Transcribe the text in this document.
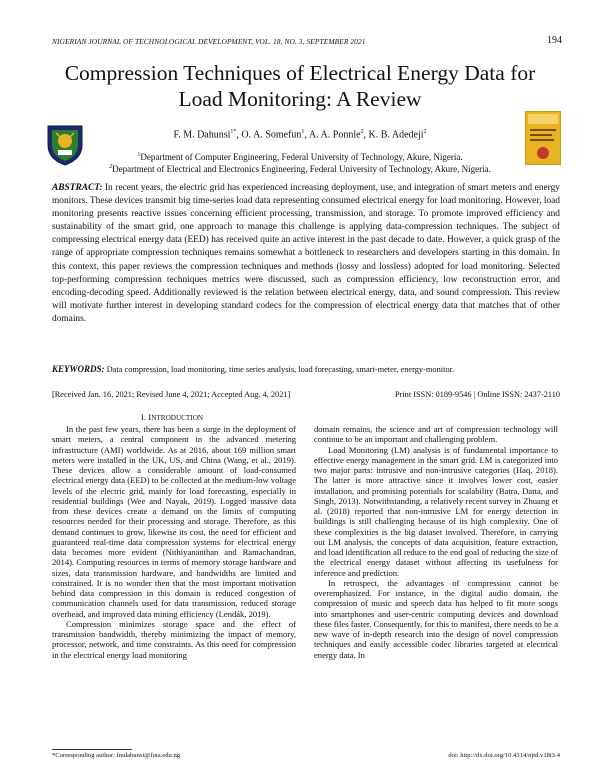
NIGERIAN JOURNAL OF TECHNOLOGICAL DEVELOPMENT, VOL. 18, NO. 3, SEPTEMBER 2021	194
Compression Techniques of Electrical Energy Data for
Load Monitoring: A Review
F. M. Dahunsi$^{1*}$, O. A. Somefun$^1$, A. A. Ponnle$^2$, K. B. Adedeji$^2$
$^1$Department of Computer Engineering, Federal University of Technology, Akure, Nigeria.
$^2$Department of Electrical and Electronics Engineering, Federal University of Technology, Akure, Nigeria.
ABSTRACT: In recent years, the electric grid has experienced increasing deployment, use, and integration of smart meters and energy monitors. These devices transmit big time-series load data representing consumed electrical energy for load monitoring. However, load monitoring presents reactive issues concerning efficient processing, transmission, and storage. To promote improved efficiency and sustainability of the smart grid, one approach to manage this challenge is applying data-compression techniques. The subject of compressing electrical energy data (EED) has received quite an active interest in the past decade to date. However, a quick grasp of the range of appropriate compression techniques remains somewhat a bottleneck to researchers and developers starting in this domain. In this context, this paper reviews the compression techniques and methods (lossy and lossless) adopted for load monitoring. Selected top-performing compression techniques metrics were discussed, such as compression efficiency, low reconstruction error, and encoding-decoding speed. Additionally reviewed is the relation between electrical energy, data, and sound compression. This review will motivate further interest in developing standard codecs for the compression of electrical energy data that matches that of other domains.
KEYWORDS: Data compression, load monitoring, time series analysis, load forecasting, smart-meter, energy-monitor.
[Received Jan. 16, 2021; Revised June 4, 2021; Accepted Aug. 4, 2021]	Print ISSN: 0189-9546 | Online ISSN: 2437-2110
I. INTRODUCTION

In the past few years, there has been a surge in the deployment of smart meters, a central component in the advanced metering infrastructure (AMI) worldwide. As at 2016, about 169 million smart meters were installed in the UK, US, and China (Wang, et al., 2019). These devices allow a considerable amount of load-consumed electrical energy data (EED) to be collected at the medium-low voltage levels of the electric grid, mainly for load forecasting, especially in residential buildings (Wee and Nayak, 2019). Logged massive data from these devices create a demand on the limits of computing resources needed for their processing and storage. Therefore, as this demand continues to grow, likewise its cost, the need for efficient and guaranteed real-time data compression systems for electrical energy data becomes more evident (Nithiyananthan and Ramachandran, 2014). Computing resources in terms of memory storage hardware and sizes, data transmission hardware, and bandwidths are limited and constrained. It is no wonder then that the most important motivation behind data compression in this domain is reduced congestion of communication channels used for data transmission, reduced storage overhead, and improved data mining efficiency (Lendák, 2019).

Compression minimizes storage space and the effect of transmission bandwidth, thereby minimizing the impact of memory, processor, network, and time constraints. As this need for compression in the electrical energy load monitoring

domain remains, the science and art of compression technology will continue to be an important and challenging problem.

Load Monitoring (LM) analysis is of fundamental importance to effective energy management in the smart grid. LM is categorized into two major parts: intrusive and non-intrusive categories (Haq, 2018). The latter is more attractive since it involves lower cost, easier installation, and promising potentials for scalability (Batra, Datta, and Singh, 2013). Notwithstanding, a relatively recent survey in Zhuang et al. (2018) reported that non-intrusive LM for energy detection in buildings is still challenging because of its high complexity. One of these complexities is the big dataset involved. Therefore, in carrying out LM analysis, the concepts of data acquisition, feature extraction, and load identification all reduce to the end goal of reducing the size of the electrical energy dataset without affecting its usefulness for inference and prediction.

In retrospect, the advantages of compression cannot be overemphasized. For instance, in the digital audio domain, the compression of music and speech data has helped to fit more songs into smartphones and user-centric computing devices and download these files faster. Consequently, for this to manifest, there needs to be a new wave of in-depth research into the design of novel compression techniques and easily accessible codec libraries targeted at electrical energy data. In

*Corresponding author: fmdahunsi@futa.edu.ng	doi: http://dx.doi.org/10.4314/njtd.v18i3.4
